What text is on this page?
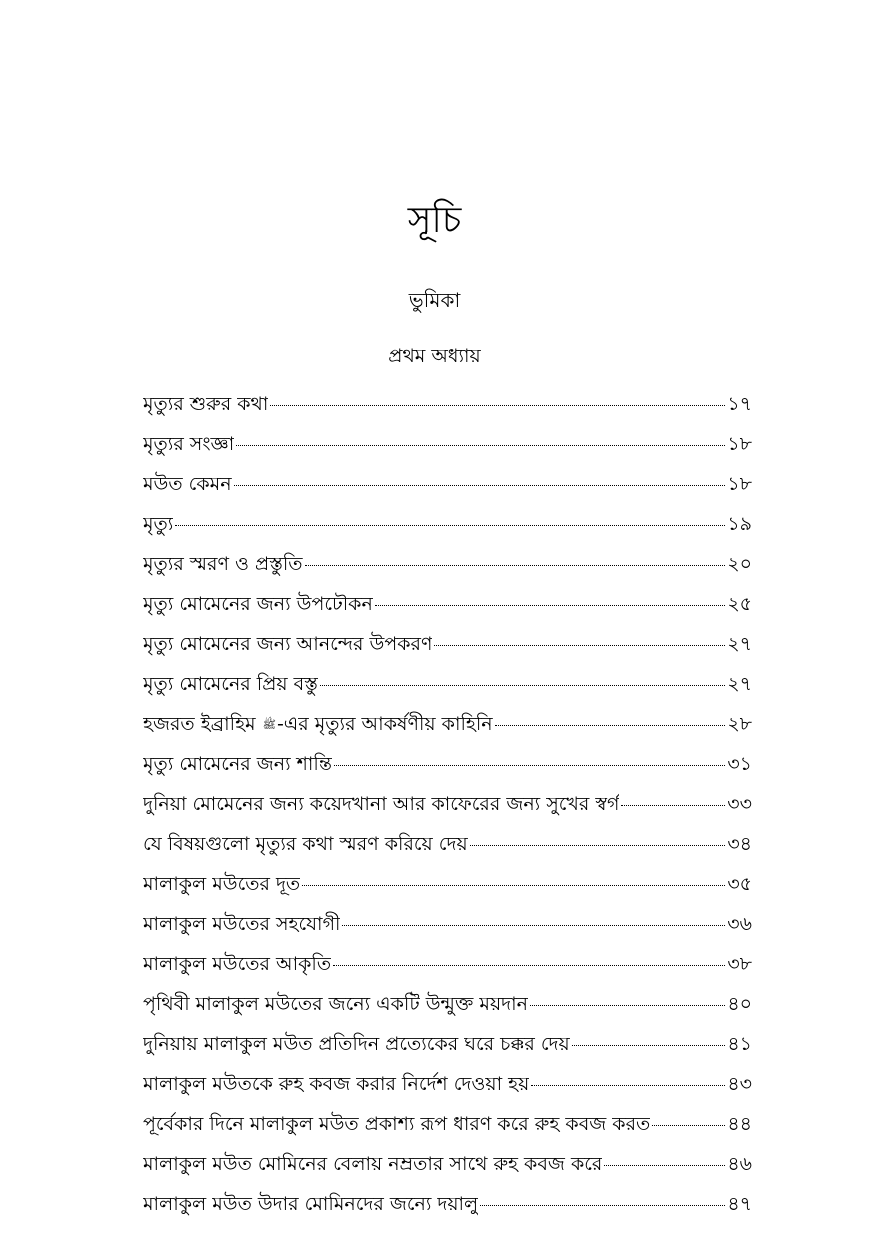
সূচি
ভুমিকা
প্রথম অধ্যায়
মৃত্যুর শুরুর কথা	১৭
মৃত্যুর সংজ্ঞা	১৮
মউত কেমন	১৮
মৃত্যু	১৯
মৃত্যুর স্মরণ ও প্রস্তুতি	২০
মৃত্যু মোমেনের জন্য উপঢৌকন	২৫
মৃত্যু মোমেনের জন্য আনন্দের উপকরণ	২৭
মৃত্যু মোমেনের প্রিয় বস্তু	২৭
হজরত ইব্রাহিম ﷺ-এর মৃত্যুর আকর্ষণীয় কাহিনি	২৮
মৃত্যু মোমেনের জন্য শান্তি	৩১
দুনিয়া মোমেনের জন্য কয়েদখানা আর কাফেরের জন্য সুখের স্বর্গ	৩৩
যে বিষয়গুলো মৃত্যুর কথা স্মরণ করিয়ে দেয়	৩৪
মালাকুল মউতের দূত	৩৫
মালাকুল মউতের সহযোগী	৩৬
মালাকুল মউতের আকৃতি	৩৮
পৃথিবী মালাকুল মউতের জন্যে একটি উন্মুক্ত ময়দান	৪০
দুনিয়ায় মালাকুল মউত প্রতিদিন প্রত্যেকের ঘরে চক্কর দেয়	৪১
মালাকুল মউতকে রুহ কবজ করার নির্দেশ দেওয়া হয়	৪৩
পূর্বেকার দিনে মালাকুল মউত প্রকাশ্য রূপ ধারণ করে রুহ কবজ করত	৪৪
মালাকুল মউত মোমিনের বেলায় নম্রতার সাথে রুহ কবজ করে	৪৬
মালাকুল মউত উদার মোমিনদের জন্যে দয়ালু	৪৭
